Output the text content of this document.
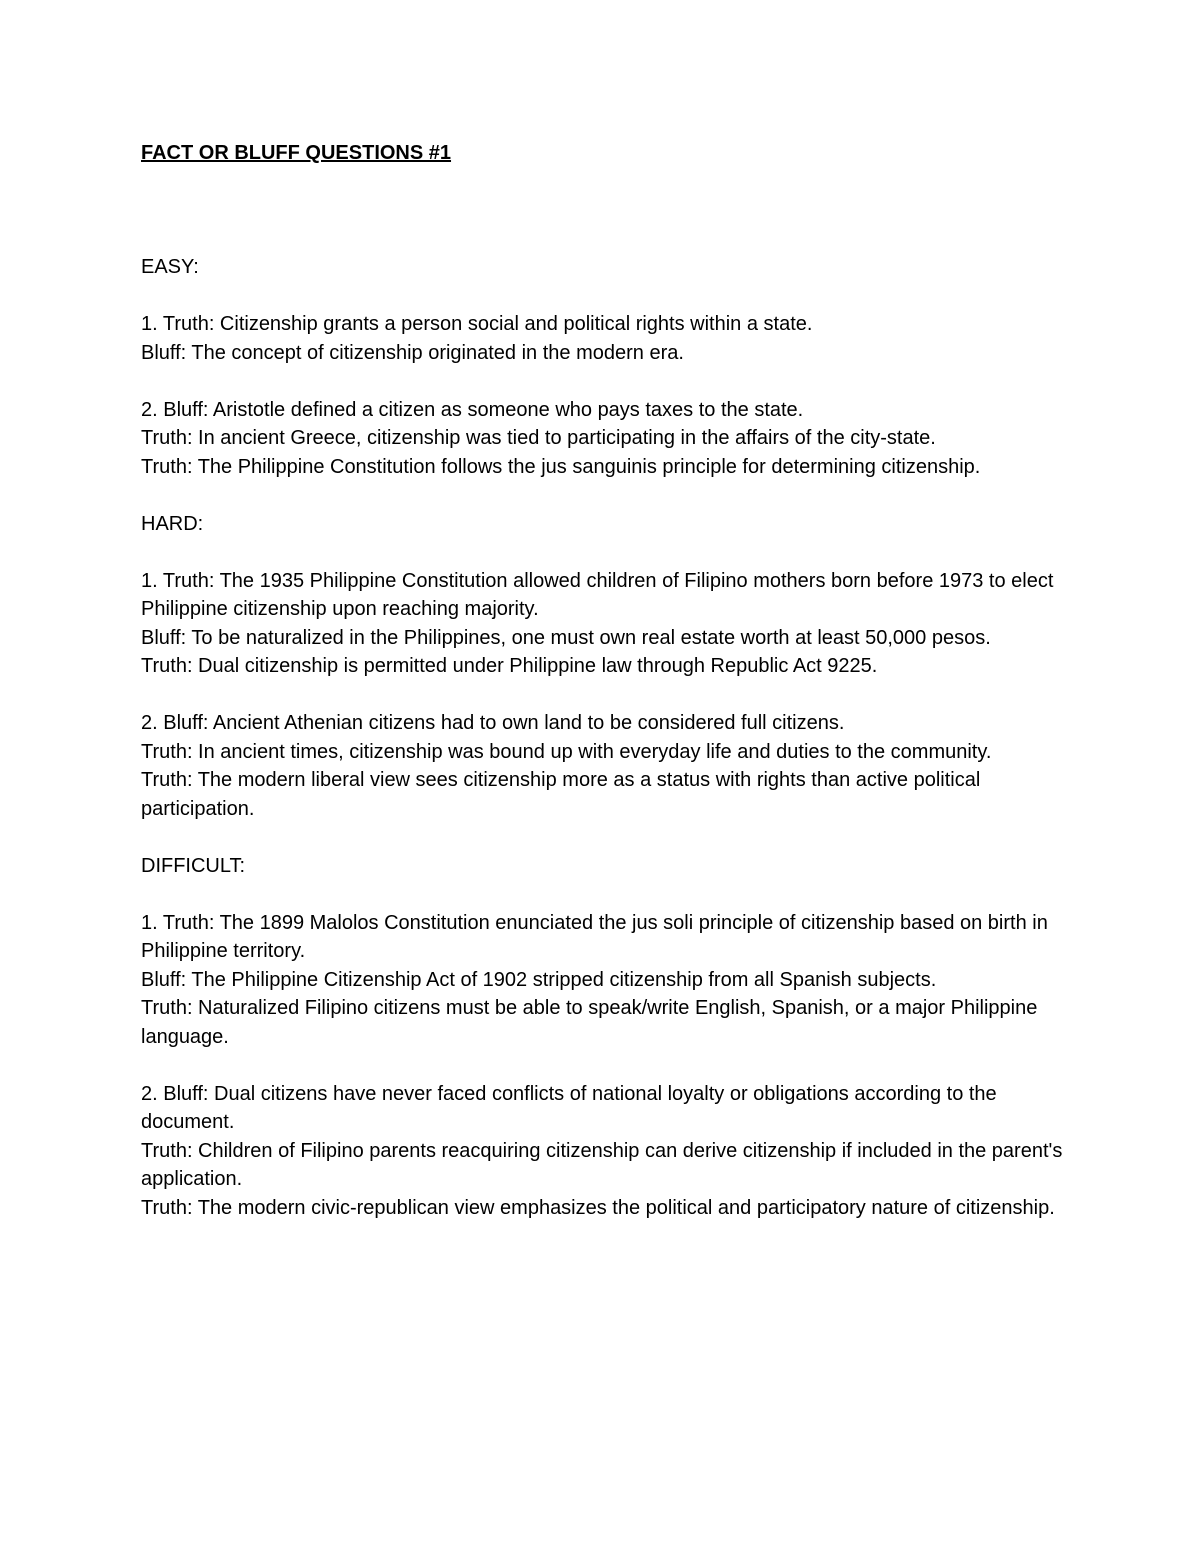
FACT OR BLUFF QUESTIONS #1

EASY:

1. Truth: Citizenship grants a person social and political rights within a state.

Bluff: The concept of citizenship originated in the modern era.

2. Bluff: Aristotle defined a citizen as someone who pays taxes to the state.

Truth: In ancient Greece, citizenship was tied to participating in the affairs of the city-state.

Truth: The Philippine Constitution follows the jus sanguinis principle for determining citizenship.

HARD:

1. Truth: The 1935 Philippine Constitution allowed children of Filipino mothers born before 1973 to elect Philippine citizenship upon reaching majority.

Bluff: To be naturalized in the Philippines, one must own real estate worth at least 50,000 pesos.

Truth: Dual citizenship is permitted under Philippine law through Republic Act 9225.

2. Bluff: Ancient Athenian citizens had to own land to be considered full citizens.

Truth: In ancient times, citizenship was bound up with everyday life and duties to the community.

Truth: The modern liberal view sees citizenship more as a status with rights than active political participation.

DIFFICULT:

1. Truth: The 1899 Malolos Constitution enunciated the jus soli principle of citizenship based on birth in Philippine territory.

Bluff: The Philippine Citizenship Act of 1902 stripped citizenship from all Spanish subjects.

Truth: Naturalized Filipino citizens must be able to speak/write English, Spanish, or a major Philippine language.

2. Bluff: Dual citizens have never faced conflicts of national loyalty or obligations according to the document.

Truth: Children of Filipino parents reacquiring citizenship can derive citizenship if included in the parent's application.

Truth: The modern civic-republican view emphasizes the political and participatory nature of citizenship.
